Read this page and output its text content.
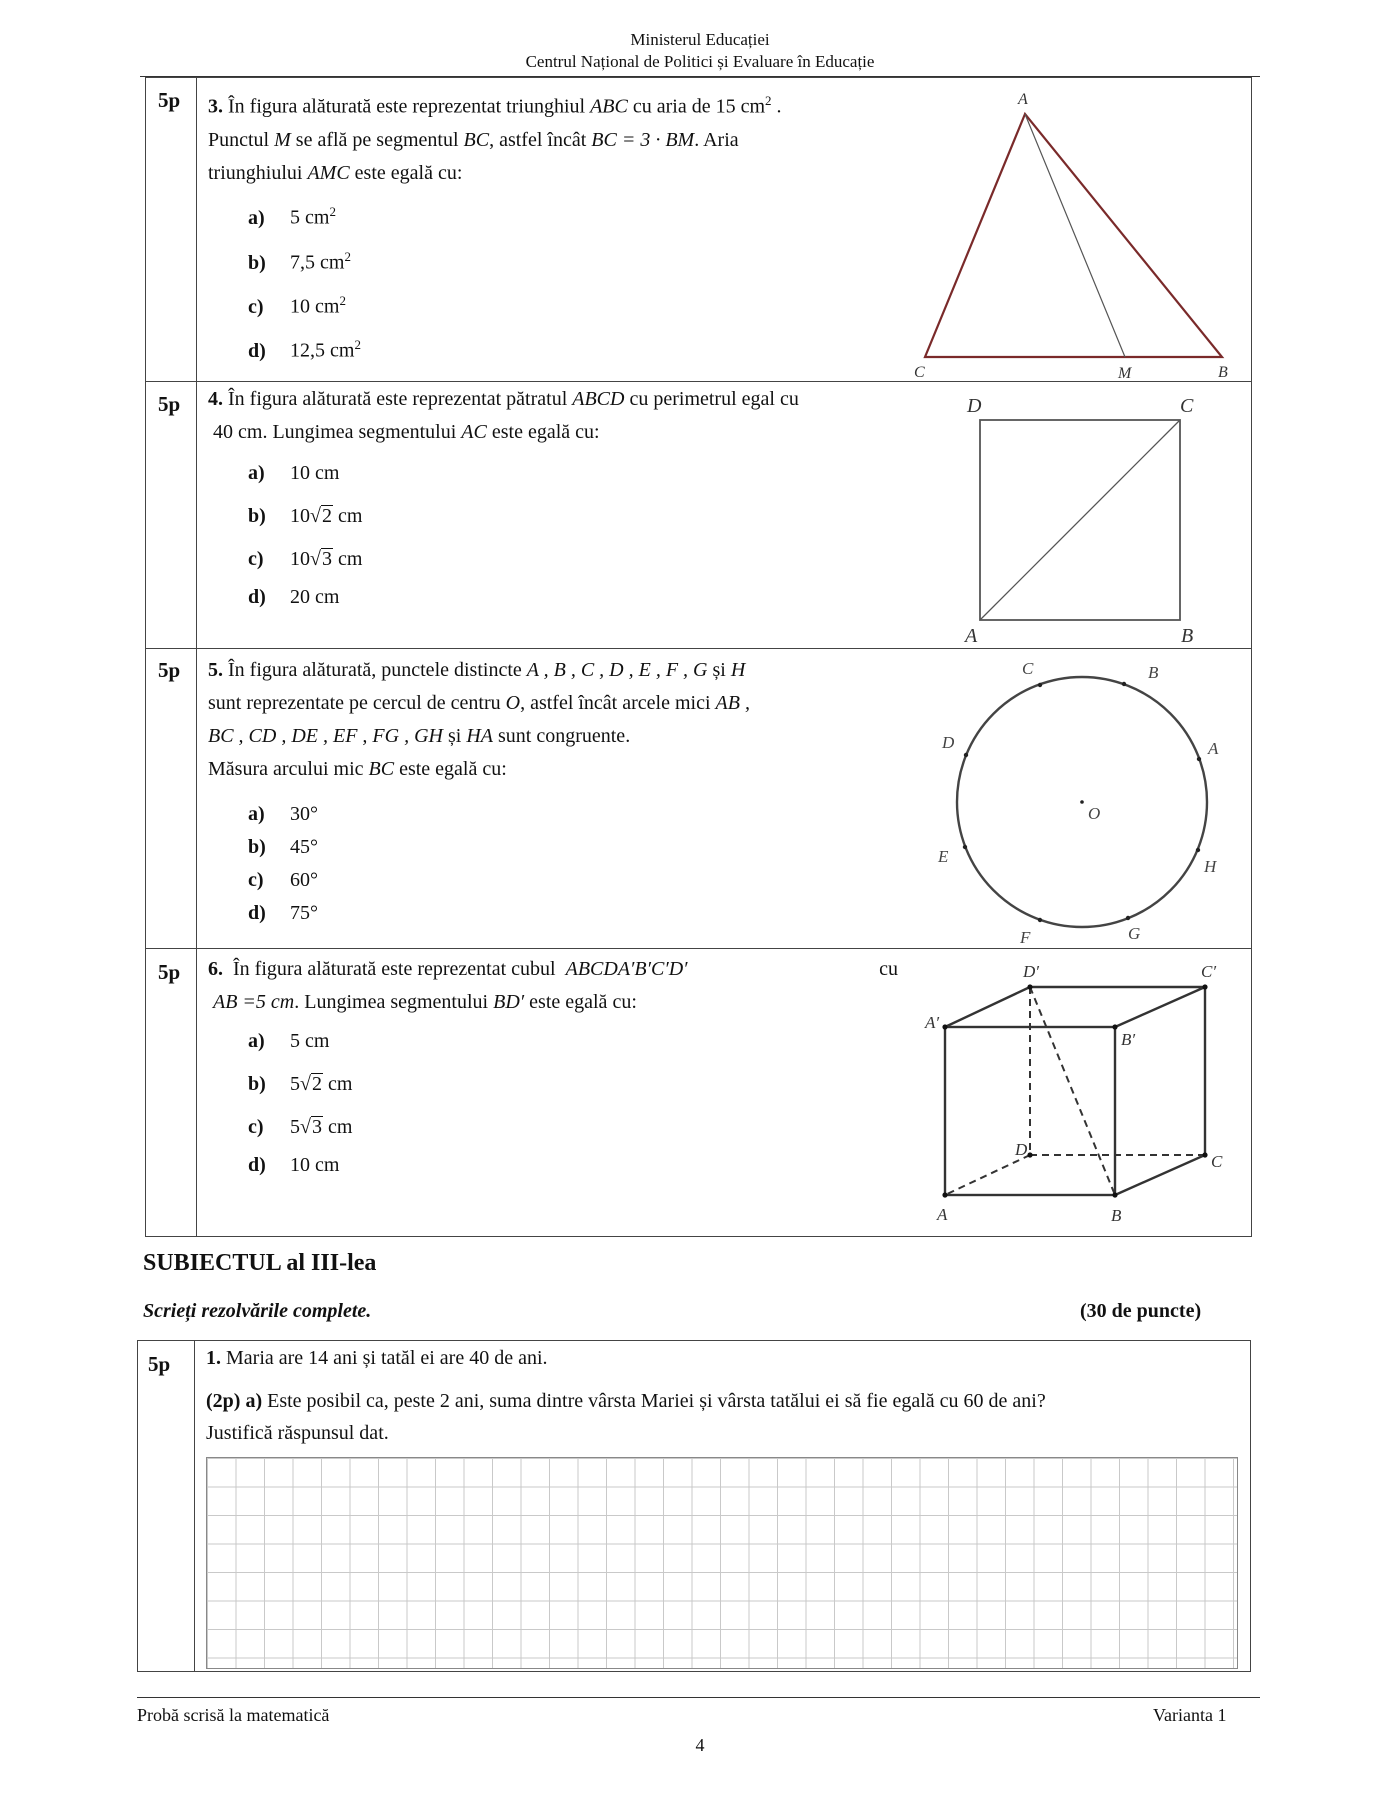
Ministerul Educației
Centrul Național de Politici și Evaluare în Educație
5p 3. În figura alăturată este reprezentat triunghiul ABC cu aria de 15 $cm^2$ .
Punctul M se află pe segmentul BC, astfel încât BC = 3 · BM. Aria
triunghiului AMC este egală cu:
a) 5 $cm^2$
b) 7,5 $cm^2$
c) 10 $cm^2$
d) 12,5 $cm^2$
A
C	M	B
5p 4. În figura alăturată este reprezentat pătratul ABCD cu perimetrul egal cu
40 cm. Lungimea segmentului AC este egală cu:
a) 10 cm
b) 10√2 cm
c) 10√3 cm
d) 20 cm
D	C
A	B
5p 5. În figura alăturată, punctele distincte A , B , C , D , E , F , G și H
sunt reprezentate pe cercul de centru O, astfel încât arcele mici AB ,
BC , CD , DE , EF , FG , GH și HA sunt congruente.
Măsura arcului mic BC este egală cu:
a) 30°
b) 45°
c) 60°
d) 75°
C	B
A
D
O
E
H
F	G
5p 6. În figura alăturată este reprezentat cubul ABCDA′B′C′D′	cu
AB =5 cm. Lungimea segmentului BD′ este egală cu:
a) 5 cm
b) 5√2 cm
c) 5√3 cm
d) 10 cm
D′	C′
A′
B′
D
C
A	B
SUBIECTUL al III-lea
Scrieți rezolvările complete.	(30 de puncte)
5p 1. Maria are 14 ani și tatăl ei are 40 de ani.
(2p) a) Este posibil ca, peste 2 ani, suma dintre vârsta Mariei și vârsta tatălui ei să fie egală cu 60 de ani?
Justifică răspunsul dat.
Probă scrisă la matematică	Varianta 1
4
